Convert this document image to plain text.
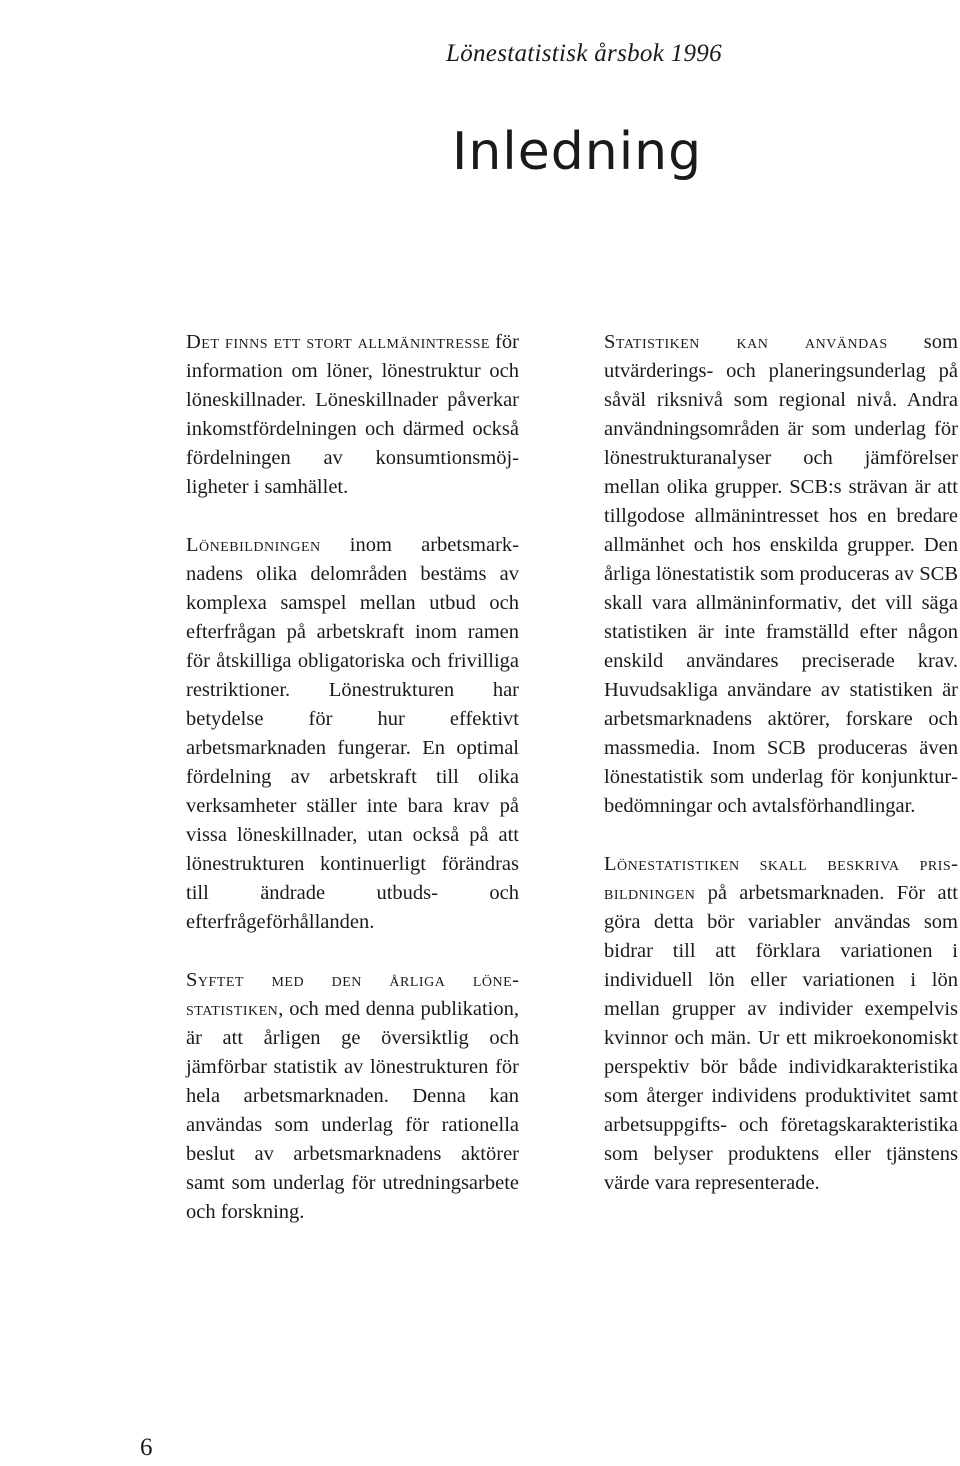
Lönestatistisk årsbok 1996
Inledning

Det finns ett stort allmänintresse för information om löner, lönestruktur och löneskillnader. Löneskillnader påverkar inkomstfördelningen och därmed också fördelningen av konsumtionsmöjligheter i samhället.

Lönebildningen inom arbetsmarknadens olika delområden bestäms av komplexa samspel mellan utbud och efterfrågan på arbetskraft inom ramen för åtskilliga obligatoriska och frivilliga restriktioner. Lönestrukturen har betydelse för hur effektivt arbetsmarknaden fungerar. En optimal fördelning av arbetskraft till olika verksamheter ställer inte bara krav på vissa löneskillnader, utan också på att lönestrukturen kontinuerligt förändras till ändrade utbuds- och efterfrågeförhållanden.

Syftet med den årliga lönestatistiken, och med denna publikation, är att årligen ge översiktlig och jämförbar statistik av lönestrukturen för hela arbetsmarknaden. Denna kan användas som underlag för rationella beslut av arbetsmarknadens aktörer samt som underlag för utredningsarbete och forskning.

Statistiken kan användas som utvärderings- och planeringsunderlag på såväl riksnivå som regional nivå. Andra användningsområden är som underlag för lönestrukturanalyser och jämförelser mellan olika grupper. SCB:s strävan är att tillgodose allmänintresset hos en bredare allmänhet och hos enskilda grupper. Den årliga lönestatistik som produceras av SCB skall vara allmäninformativ, det vill säga statistiken är inte framställd efter någon enskild användares preciserade krav. Huvudsakliga användare av statistiken är arbetsmarknadens aktörer, forskare och massmedia. Inom SCB produceras även lönestatistik som underlag för konjunkturbedömningar och avtalsförhandlingar.

Lönestatistiken skall beskriva prisbildningen på arbetsmarknaden. För att göra detta bör variabler användas som bidrar till att förklara variationen i individuell lön eller variationen i lön mellan grupper av individer exempelvis kvinnor och män. Ur ett mikroekonomiskt perspektiv bör både individkarakteristika som återger individens produktivitet samt arbetsuppgifts- och företagskarakteristika som belyser produktens eller tjänstens värde vara representerade.

6
